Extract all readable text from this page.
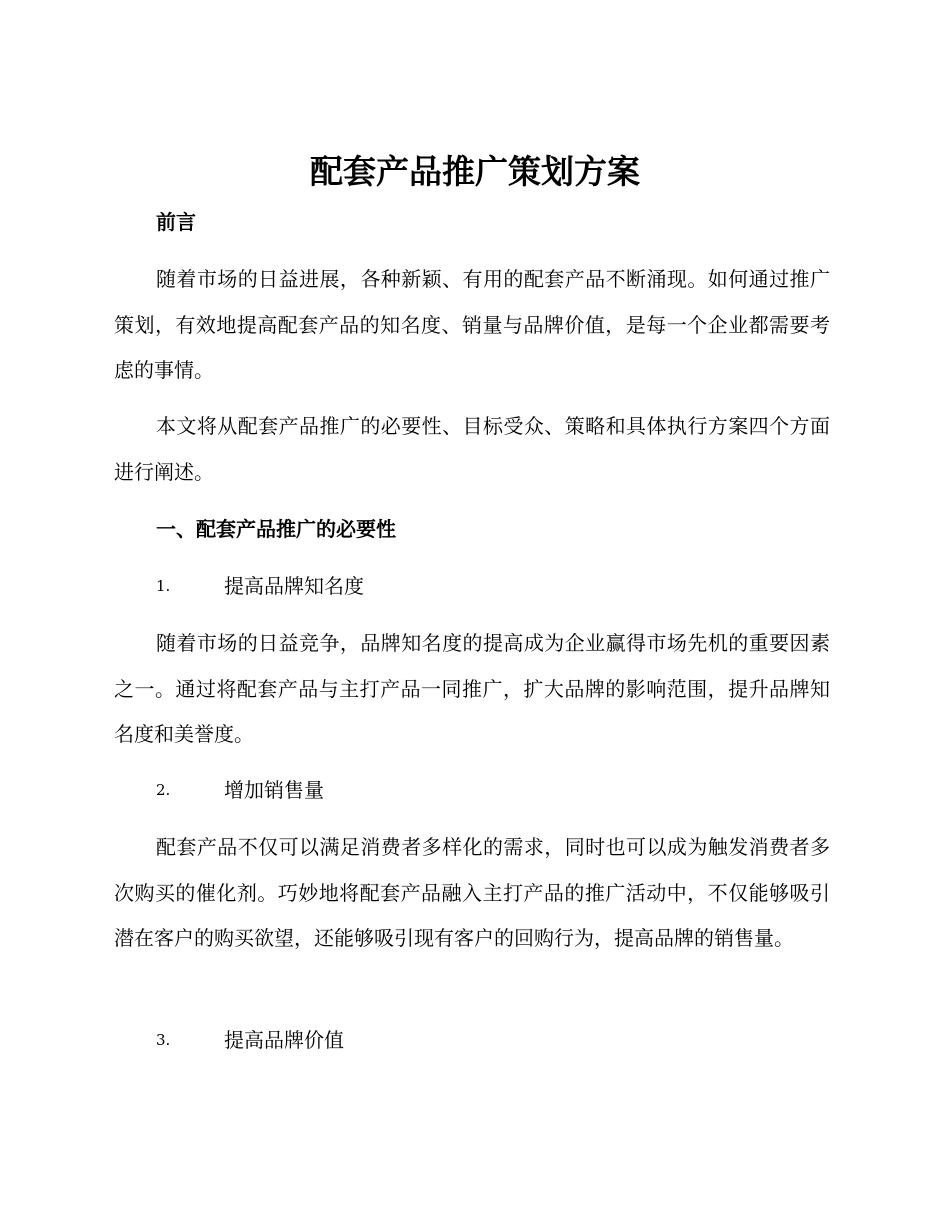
配套产品推广策划方案
前言
随着市场的日益进展，各种新颖、有用的配套产品不断涌现。如何通过推广策划，有效地提高配套产品的知名度、销量与品牌价值，是每一个企业都需要考虑的事情。
本文将从配套产品推广的必要性、目标受众、策略和具体执行方案四个方面进行阐述。
一、配套产品推广的必要性
1.	提高品牌知名度
随着市场的日益竞争，品牌知名度的提高成为企业赢得市场先机的重要因素之一。通过将配套产品与主打产品一同推广，扩大品牌的影响范围，提升品牌知名度和美誉度。
2.	增加销售量
配套产品不仅可以满足消费者多样化的需求，同时也可以成为触发消费者多次购买的催化剂。巧妙地将配套产品融入主打产品的推广活动中，不仅能够吸引潜在客户的购买欲望，还能够吸引现有客户的回购行为，提高品牌的销售量。
3.	提高品牌价值
